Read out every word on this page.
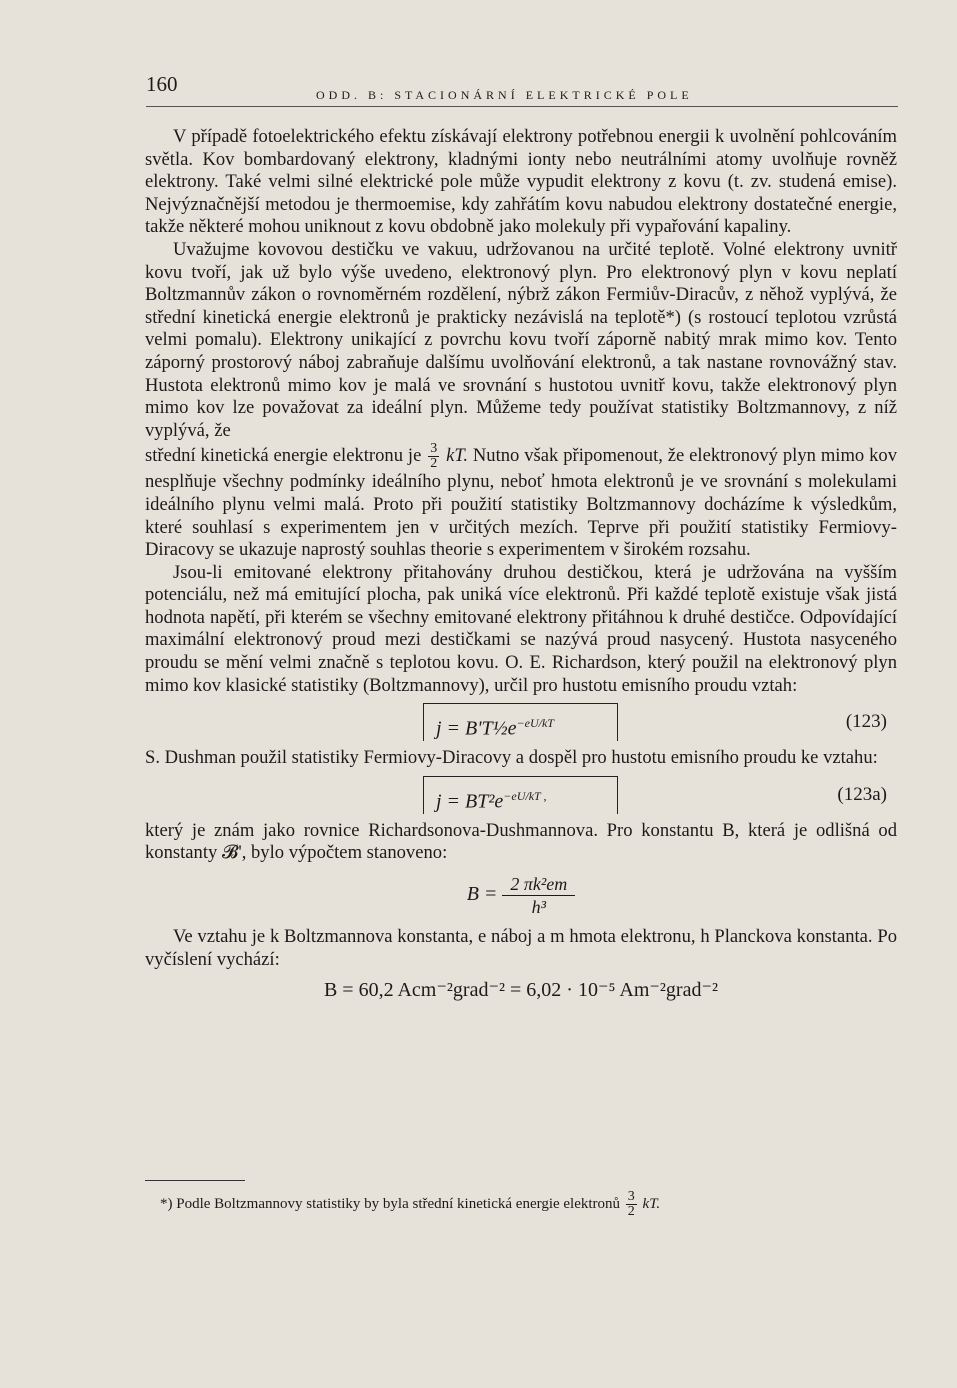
160	ODD. B: STACIONÁRNÍ ELEKTRICKÉ POLE

V případě fotoelektrického efektu získávají elektrony potřebnou energii k uvolnění pohlcováním světla. Kov bombardovaný elektrony, kladnými ionty nebo neutrálními atomy uvolňuje rovněž elektrony. Také velmi silné elektrické pole může vypudit elektrony z kovu (t. zv. studená emise). Nejvýznačnější metodou je thermoemise, kdy zahřátím kovu nabudou elektrony dostatečné energie, takže některé mohou uniknout z kovu obdobně jako molekuly při vypařování kapaliny.

Uvažujme kovovou destičku ve vakuu, udržovanou na určité teplotě. Volné elektrony uvnitř kovu tvoří, jak už bylo výše uvedeno, elektronový plyn. Pro elektronový plyn v kovu neplatí Boltzmannův zákon o rovnoměrném rozdělení, nýbrž zákon Fermiův-Diracův, z něhož vyplývá, že střední kinetická energie elektronů je prakticky nezávislá na teplotě*) (s rostoucí teplotou vzrůstá velmi pomalu). Elektrony unikající z povrchu kovu tvoří záporně nabitý mrak mimo kov. Tento záporný prostorový náboj zabraňuje dalšímu uvolňování elektronů, a tak nastane rovnovážný stav. Hustota elektronů mimo kov je malá ve srovnání s hustotou uvnitř kovu, takže elektronový plyn mimo kov lze považovat za ideální plyn. Můžeme tedy používat statistiky Boltzmannovy, z níž vyplývá, že

střední kinetická energie elektronu je $\frac{3}{2}$ kT. Nutno však připomenout, že elektronový plyn mimo kov nesplňuje všechny podmínky ideálního plynu, neboť hmota elektronů je ve srovnání s molekulami ideálního plynu velmi malá. Proto při použití statistiky Boltzmannovy docházíme k výsledkům, které souhlasí s experimentem jen v určitých mezích. Teprve při použití statistiky Fermiovy-Diracovy se ukazuje naprostý souhlas theorie s experimentem v širokém rozsahu.

Jsou-li emitované elektrony přitahovány druhou destičkou, která je udržována na vyšším potenciálu, než má emitující plocha, pak uniká více elektronů. Při každé teplotě existuje však jistá hodnota napětí, při kterém se všechny emitované elektrony přitáhnou k druhé destičce. Odpovídající maximální elektronový proud mezi destičkami se nazývá proud nasycený. Hustota nasyceného proudu se mění velmi značně s teplotou kovu. O. E. Richardson, který použil na elektronový plyn mimo kov klasické statistiky (Boltzmannovy), určil pro hustotu emisního proudu vztah:

$j = B'T\frac{1}{2}e^{-eU/kT}$	(123)

S. Dushman použil statistiky Fermiovy-Diracovy a dospěl pro hustotu emisního proudu ke vztahu:

$j = BT^2e^{-eU/kT ,}$	(123a)

který je znám jako rovnice Richardsonova-Dushmannova. Pro konstantu B, která je odlišná od konstanty 𝓑', bylo výpočtem stanoveno:

$B = \frac{\text{2 πk²em}}{\text{h³}}$

Ve vztahu je k Boltzmannova konstanta, e náboj a m hmota elektronu, h Planckova konstanta. Po vyčíslení vychází:

B = 60,2 Acm⁻²grad⁻² = 6,02 · 10⁻⁵ Am⁻²grad⁻²
*) Podle Boltzmannovy statistiky by byla střední kinetická energie elektronů $\frac{3}{2}$ kT.
